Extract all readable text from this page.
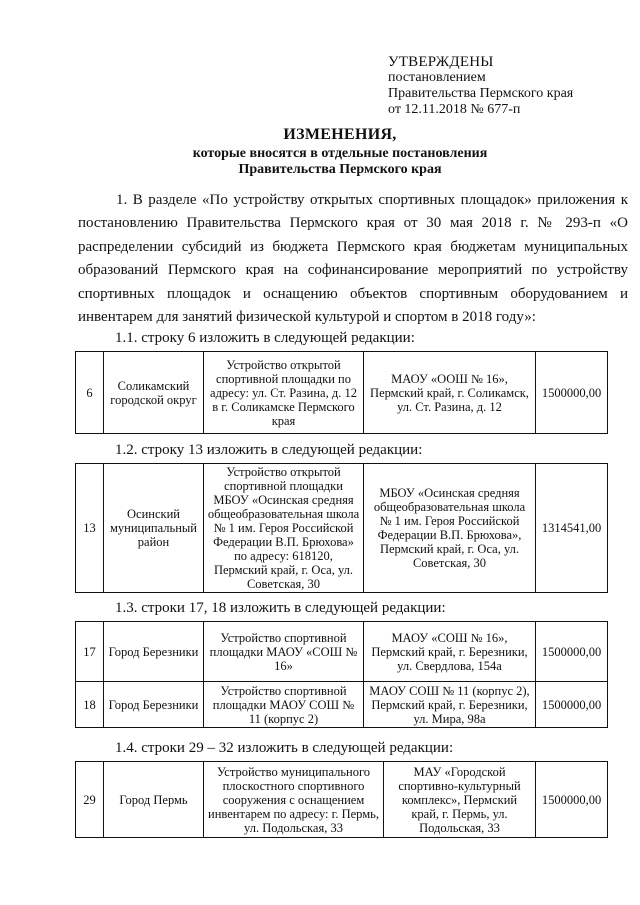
УТВЕРЖДЕНЫ
постановлением
Правительства Пермского края
от 12.11.2018 № 677-п
ИЗМЕНЕНИЯ,
которые вносятся в отдельные постановления
Правительства Пермского края
1. В разделе «По устройству открытых спортивных площадок» приложения к постановлению Правительства Пермского края от 30 мая 2018 г. № 293-п «О распределении субсидий из бюджета Пермского края бюджетам муниципальных образований Пермского края на софинансирование мероприятий по устройству спортивных площадок и оснащению объектов спортивным оборудованием и инвентарем для занятий физической культурой и спортом в 2018 году»:
1.1. строку 6 изложить в следующей редакции:
6	Соликамский городской округ	Устройство открытой спортивной площадки по адресу: ул. Ст. Разина, д. 12 в г. Соликамске Пермского края	МАОУ «ООШ № 16», Пермский край, г. Соликамск, ул. Ст. Разина, д. 12	1500000,00
1.2. строку 13 изложить в следующей редакции:
13	Осинский муниципальный район	Устройство открытой спортивной площадки МБОУ «Осинская средняя общеобразовательная школа № 1 им. Героя Российской Федерации В.П. Брюхова» по адресу: 618120, Пермский край, г. Оса, ул. Советская, 30	МБОУ «Осинская средняя общеобразовательная школа № 1 им. Героя Российской Федерации В.П. Брюхова», Пермский край, г. Оса, ул. Советская, 30	1314541,00
1.3. строки 17, 18 изложить в следующей редакции:
17	Город Березники	Устройство спортивной площадки МАОУ «СОШ № 16»	МАОУ «СОШ № 16», Пермский край, г. Березники, ул. Свердлова, 154а	1500000,00
18	Город Березники	Устройство спортивной площадки МАОУ СОШ № 11 (корпус 2)	МАОУ СОШ № 11 (корпус 2), Пермский край, г. Березники, ул. Мира, 98а	1500000,00
1.4. строки 29 – 32 изложить в следующей редакции:
29	Город Пермь	Устройство муниципального плоскостного спортивного сооружения с оснащением инвентарем по адресу: г. Пермь, ул. Подольская, 33	МАУ «Городской спортивно-культурный комплекс», Пермский край, г. Пермь, ул. Подольская, 33	1500000,00
